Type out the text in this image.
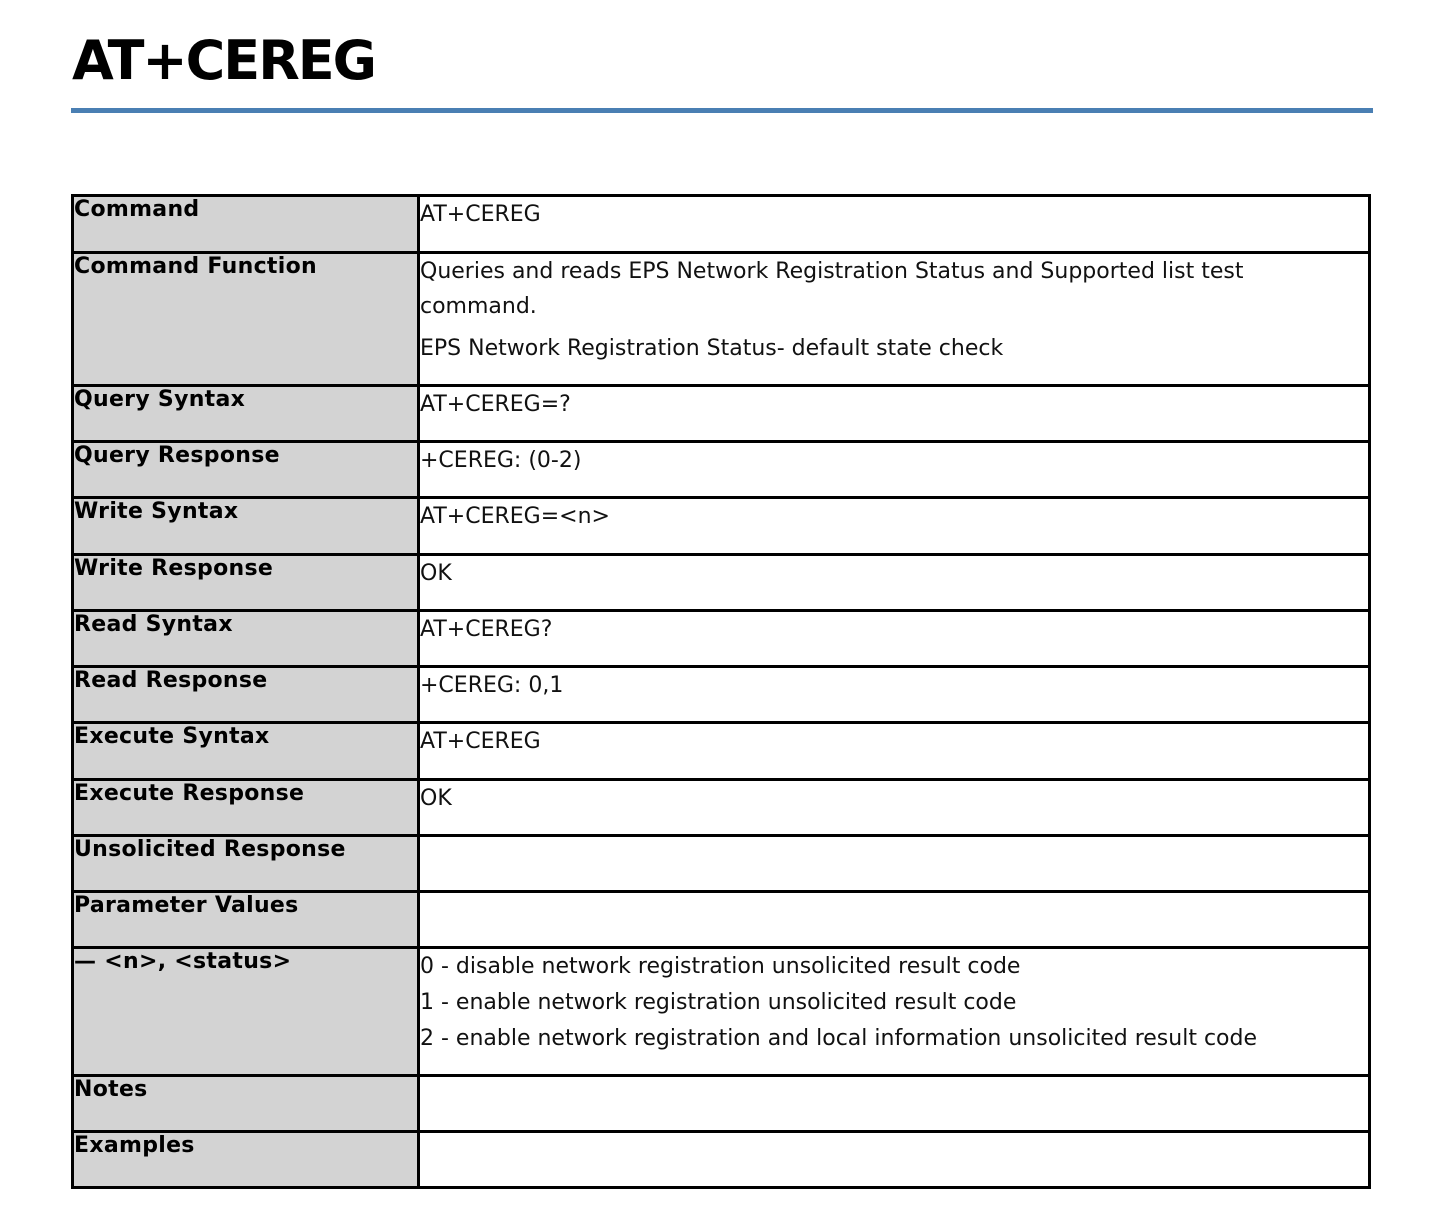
AT+CEREG
Command	AT+CEREG

Command Function	Queries and reads EPS Network Registration Status and Supported list test command.

EPS Network Registration Status- default state check

Query Syntax	AT+CEREG=?

Query Response	+CEREG: (0-2)

Write Syntax	AT+CEREG=<n>

Write Response	OK

Read Syntax	AT+CEREG?

Read Response	+CEREG: 0,1

Execute Syntax	AT+CEREG

Execute Response	OK

Unsolicited Response	
Parameter Values	
— <n>, <status>	0 - disable network registration unsolicited result code

1 - enable network registration unsolicited result code

2 - enable network registration and local information unsolicited result code

Notes	
Examples	
